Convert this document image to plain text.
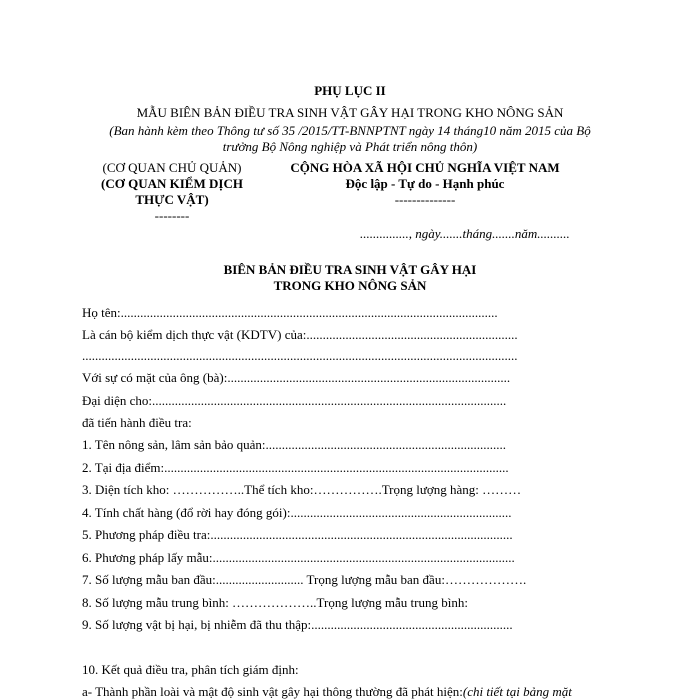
PHỤ LỤC II
MẪU BIÊN BẢN ĐIỀU TRA SINH VẬT GÂY HẠI TRONG KHO NÔNG SẢN
(Ban hành kèm theo Thông tư số 35 /2015/TT-BNNPTNT ngày 14 tháng10 năm 2015 của Bộ
trưởng Bộ Nông nghiệp và Phát triển nông thôn)
(CƠ QUAN CHỦ QUẢN)
(CƠ QUAN KIỂM DỊCH
THỰC VẬT)
--------
CỘNG HÒA XÃ HỘI CHỦ NGHĨA VIỆT NAM
Độc lập - Tự do - Hạnh phúc
--------------
..............., ngày.......tháng.......năm..........
BIÊN BẢN ĐIỀU TRA SINH VẬT GÂY HẠI
TRONG KHO NÔNG SẢN
Họ tên:....................................................................................................................
Là cán bộ kiểm dịch thực vật (KDTV) của:.................................................................
......................................................................................................................................
Với sự có mặt của ông (bà):.......................................................................................
Đại diện cho:.............................................................................................................
đã tiến hành điều tra:
1. Tên nông sản, lâm sản bảo quản:..........................................................................
2. Tại địa điểm:..........................................................................................................
3. Diện tích kho: ……………..Thể tích kho:…………….Trọng lượng hàng: ………
4. Tính chất hàng (đổ rời hay đóng gói):....................................................................
5. Phương pháp điều tra:.............................................................................................
6. Phương pháp lấy mẫu:.............................................................................................
7. Số lượng mẫu ban đầu:........................... Trọng lượng mẫu ban đầu:……………….
8. Số lượng mẫu trung bình: ………………..Trọng lượng mẫu trung bình:
9. Số lượng vật bị hại, bị nhiễm đã thu thập:..............................................................
10. Kết quả điều tra, phân tích giám định:
a- Thành phần loài và mật độ sinh vật gây hại thông thường đã phát hiện:(chi tiết tại bảng mặt
